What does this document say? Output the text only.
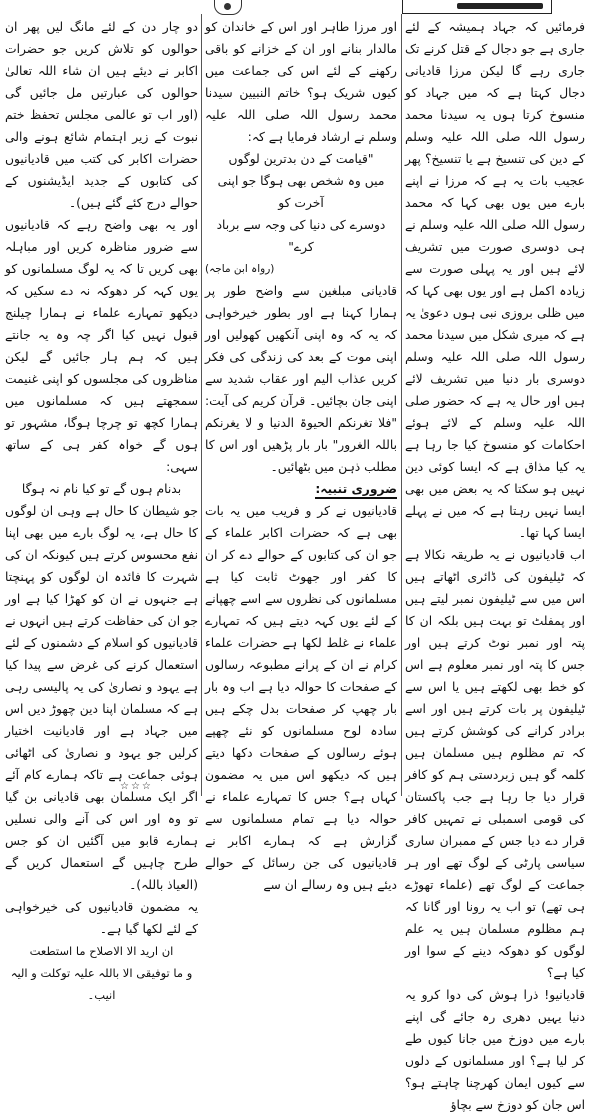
فرمائیں کہ جہاد ہمیشہ کے لئے جاری ہے جو دجال کے قتل کرنے تک جاری رہے گا لیکن مرزا قادیانی دجال کہتا ہے کہ میں جہاد کو منسوخ کرتا ہوں یہ سیدنا محمد رسول اللہ صلی اللہ علیہ وسلم کے دین کی تنسیخ ہے یا تنسیخ؟ پھر عجیب بات یہ ہے کہ مرزا نے اپنے بارے میں یوں بھی کہا کہ محمد رسول اللہ صلی اللہ علیہ وسلم نے ہی دوسری صورت میں تشریف لائے ہیں اور یہ پہلی صورت سے زیادہ اکمل ہے اور یوں بھی کہا کہ میں ظلی بروزی نبی ہوں دعویٰ یہ ہے کہ میری شکل میں سیدنا محمد رسول اللہ صلی اللہ علیہ وسلم دوسری بار دنیا میں تشریف لائے ہیں اور حال یہ ہے کہ حضور صلی اللہ علیہ وسلم کے لائے ہوئے احکامات کو منسوخ کیا جا رہا ہے یہ کیا مذاق ہے کہ ایسا کوئی دین نہیں ہو سکتا کہ یہ بعض میں بھی ایسا نہیں رہتا ہے کہ میں نے پہلے ایسا کہا تھا۔

اب قادیانیوں نے یہ طریقہ نکالا ہے کہ ٹیلیفون کی ڈائری اٹھاتے ہیں اس میں سے ٹیلیفون نمبر لیتے ہیں اور پمفلٹ تو بہت ہیں بلکہ ان کا پتہ اور نمبر نوٹ کرتے ہیں اور جس کا پتہ اور نمبر معلوم ہے اس کو خط بھی لکھتے ہیں یا اس سے ٹیلیفون پر بات کرتے ہیں اور اسے برادر کرانے کی کوشش کرتے ہیں کہ تم مظلوم ہیں مسلمان ہیں کلمہ گو ہیں زبردستی ہم کو کافر قرار دیا جا رہا ہے جب پاکستان کی قومی اسمبلی نے تمہیں کافر قرار دے دیا جس کے ممبران ساری سیاسی پارٹی کے لوگ تھے اور ہر جماعت کے لوگ تھے (علماء تھوڑے ہی تھے) تو اب یہ رونا اور گانا کہ ہم مظلوم مسلمان ہیں یہ علم لوگوں کو دھوکہ دینے کے سوا اور کیا ہے؟

قادیانیو! ذرا ہوش کی دوا کرو یہ دنیا یہیں دھری رہ جائے گی اپنے بارے میں دوزخ میں جانا کیوں طے کر لیا ہے؟ اور مسلمانوں کے دلوں سے کیوں ایمان کھرچنا چاہتے ہو؟ اس جان کو دوزخ سے بچاؤ

اور مرزا طاہر اور اس کے خاندان کو مالدار بنانے اور ان کے خزانے کو باقی رکھنے کے لئے اس کی جماعت میں کیوں شریک ہو؟ خاتم النبیین سیدنا محمد رسول اللہ صلی اللہ علیہ وسلم نے ارشاد فرمایا ہے کہ:

"قیامت کے دن بدترین لوگوں

میں وہ شخص بھی ہوگا جو اپنی آخرت کو

دوسرے کی دنیا کی وجہ سے برباد کرے"

(رواہ ابن ماجہ)

قادیانی مبلغین سے واضح طور پر ہمارا کہنا ہے اور بطور خیرخواہی کہ یہ کہ وہ اپنی آنکھیں کھولیں اور اپنی موت کے بعد کی زندگی کی فکر کریں عذاب الیم اور عقاب شدید سے اپنی جان بچائیں۔ قرآن کریم کی آیت: "فلا تغرنکم الحیوۃ الدنیا و لا یغرنکم باللہ الغرور" بار بار پڑھیں اور اس کا مطلب ذہن میں بٹھائیں۔

ضروری تنبیہ:

قادیانیوں نے کر و فریب میں یہ بات بھی ہے کہ حضرات اکابر علماء کے جو ان کی کتابوں کے حوالے دے کر ان کا کفر اور جھوٹ ثابت کیا ہے مسلمانوں کی نظروں سے اسے چھپانے کے لئے یوں کہہ دیتے ہیں کہ تمہارے علماء نے غلط لکھا ہے حضرات علماء کرام نے ان کے پرانے مطبوعہ رسالوں کے صفحات کا حوالہ دیا ہے اب وہ بار بار چھپ کر صفحات بدل چکے ہیں سادہ لوح مسلمانوں کو نئے چھپے ہوئے رسالوں کے صفحات دکھا دیتے ہیں کہ دیکھو اس میں یہ مضمون کہاں ہے؟ جس کا تمہارے علماء نے حوالہ دیا ہے تمام مسلمانوں سے گزارش ہے کہ ہمارے اکابر نے قادیانیوں کی جن رسائل کے حوالے دیئے ہیں وہ رسالے ان سے

دو چار دن کے لئے مانگ لیں پھر ان حوالوں کو تلاش کریں جو حضرات اکابر نے دیئے ہیں ان شاء اللہ تعالیٰ حوالوں کی عبارتیں مل جائیں گی (اور اب تو عالمی مجلس تحفظ ختم نبوت کے زیر اہتمام شائع ہونے والی حضرات اکابر کی کتب میں قادیانیوں کی کتابوں کے جدید ایڈیشنوں کے حوالے درج کئے گئے ہیں)۔

اور یہ بھی واضح رہے کہ قادیانیوں سے ضرور مناظرہ کریں اور مباہلہ بھی کریں تا کہ یہ لوگ مسلمانوں کو یوں کہہ کر دھوکہ نہ دے سکیں کہ دیکھو تمہارے علماء نے ہمارا چیلنج قبول نہیں کیا اگر چہ وہ یہ جانتے ہیں کہ ہم ہار جائیں گے لیکن مناظروں کی مجلسوں کو اپنی غنیمت سمجھتے ہیں کہ مسلمانوں میں ہمارا کچھ تو چرچا ہوگا، مشہور تو ہوں گے خواہ کفر ہی کے ساتھ سہی:

بدنام ہوں گے تو کیا نام نہ ہوگا

جو شیطان کا حال ہے وہی ان لوگوں کا حال ہے، یہ لوگ بارے میں بھی اپنا نفع محسوس کرتے ہیں کیونکہ ان کی شہرت کا فائدہ ان لوگوں کو پہنچتا ہے جنہوں نے ان کو کھڑا کیا ہے اور جو ان کی حفاظت کرتے ہیں انہوں نے قادیانیوں کو اسلام کے دشمنوں کے لئے استعمال کرنے کی غرض سے پیدا کیا ہے یہود و نصاریٰ کی یہ پالیسی رہی ہے کہ مسلمان اپنا دین چھوڑ دیں اس میں جہاد ہے اور قادیانیت اختیار کرلیں جو یہود و نصاریٰ کی اٹھائی ہوئی جماعت ہے تاکہ ہمارے کام آئے اگر ایک مسلمان بھی قادیانی بن گیا تو وہ اور اس کی آنے والی نسلیں ہمارے قابو میں آگئیں ان کو جس طرح چاہیں گے استعمال کریں گے (العیاذ باللہ)۔

یہ مضمون قادیانیوں کی خیرخواہی کے لئے لکھا گیا ہے۔

ان ارید الا الاصلاح ما استطعت

و ما توفیقی الا باللہ علیہ توکلت و الیہ انیب۔

☆☆☆
